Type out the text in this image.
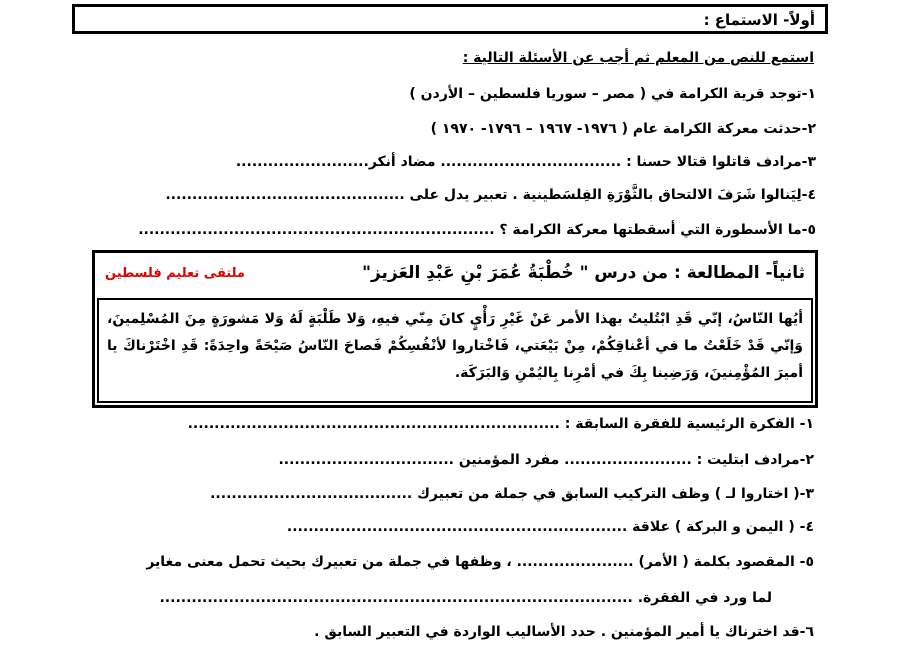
أولاً- الاستماع :
استمع للنص من المعلم ثم أجب عن الأسئلة التالية :
١-توجد قرية الكرامة في ( مصر – سوريا فلسطين – الأردن )
٢-حدثت معركة الكرامة عام ( ١٩٧٦- ١٩٦٧ – ١٧٩٦- ١٩٧٠ )
٣-مرادف قاتلوا قتالا حسنا : .................................. مضاد أنكر.........................
٤-لِيَنالوا شَرَفَ الالتحاق بالثَّوْرَةِ الفِلسَطينية . تعبير يدل على .............................................
٥-ما الأسطورة التي أسقطتها معركة الكرامة ؟ ...................................................................
ثانياً- المطالعة : من درس " خُطْبَةُ عُمَرَ بْنِ عَبْدِ العَزيز"
ملتقى تعليم فلسطين
أيُها النّاسُ، إنّي قَدِ ابْتُليتُ بهذا الأمر عَنْ غَيْرِ رَأْيٍ كانَ مِنّي فيهِ، وَلا طَلْبَةٍ لَهُ وَلا مَشورَةٍ مِنَ المُسْلِمينَ، وَإنّي قَدْ خَلَعْتُ ما في أعْناقِكُمْ، مِنْ بَيْعَتي، فَاخْتاروا لأنْفُسِكُمْ فَصاحَ النّاسُ صَيْحَةً واحِدَةً: قَدِ اخْتَرْناكَ يا أميرَ المُؤْمِنينَ، وَرَضِينا بِكَ في أمْرِنا بِاليُمْنِ وَالبَرَكَة.
١- الفكرة الرئيسية للفقرة السابقة : ......................................................................
٢-مرادف ابتليت : ........................ مفرد المؤمنين .................................
٣-( اختاروا لـ ) وظف التركيب السابق في جملة من تعبيرك ......................................
٤- ( اليمن و البركة ) علاقة ................................................................
٥- المقصود بكلمة ( الأمر) ...................... ، وظفها في جملة من تعبيرك بحيث تحمل معنى مغاير
لما ورد في الفقرة. .........................................................................................
٦-قد اخترناك يا أمير المؤمنين . حدد الأساليب الواردة في التعبير السابق .
